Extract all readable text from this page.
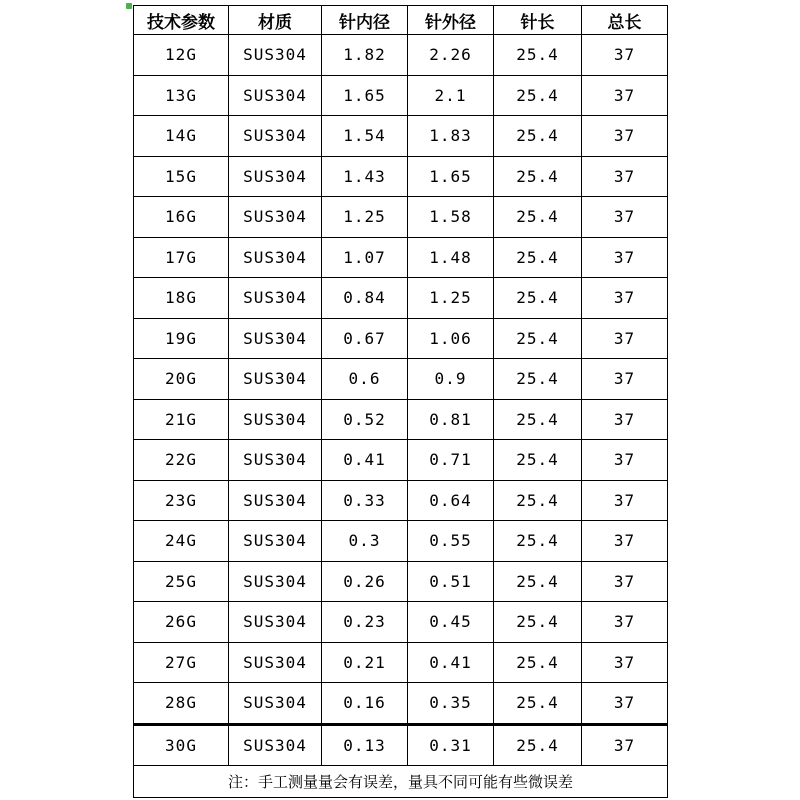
技术参数	材质	针内径	针外径	针长	总长
12G	SUS304	1.82	2.26	25.4	37
13G	SUS304	1.65	2.1	25.4	37
14G	SUS304	1.54	1.83	25.4	37
15G	SUS304	1.43	1.65	25.4	37
16G	SUS304	1.25	1.58	25.4	37
17G	SUS304	1.07	1.48	25.4	37
18G	SUS304	0.84	1.25	25.4	37
19G	SUS304	0.67	1.06	25.4	37
20G	SUS304	0.6	0.9	25.4	37
21G	SUS304	0.52	0.81	25.4	37
22G	SUS304	0.41	0.71	25.4	37
23G	SUS304	0.33	0.64	25.4	37
24G	SUS304	0.3	0.55	25.4	37
25G	SUS304	0.26	0.51	25.4	37
26G	SUS304	0.23	0.45	25.4	37
27G	SUS304	0.21	0.41	25.4	37
28G	SUS304	0.16	0.35	25.4	37
30G	SUS304	0.13	0.31	25.4	37
注：手工测量量会有误差，量具不同可能有些微误差					
